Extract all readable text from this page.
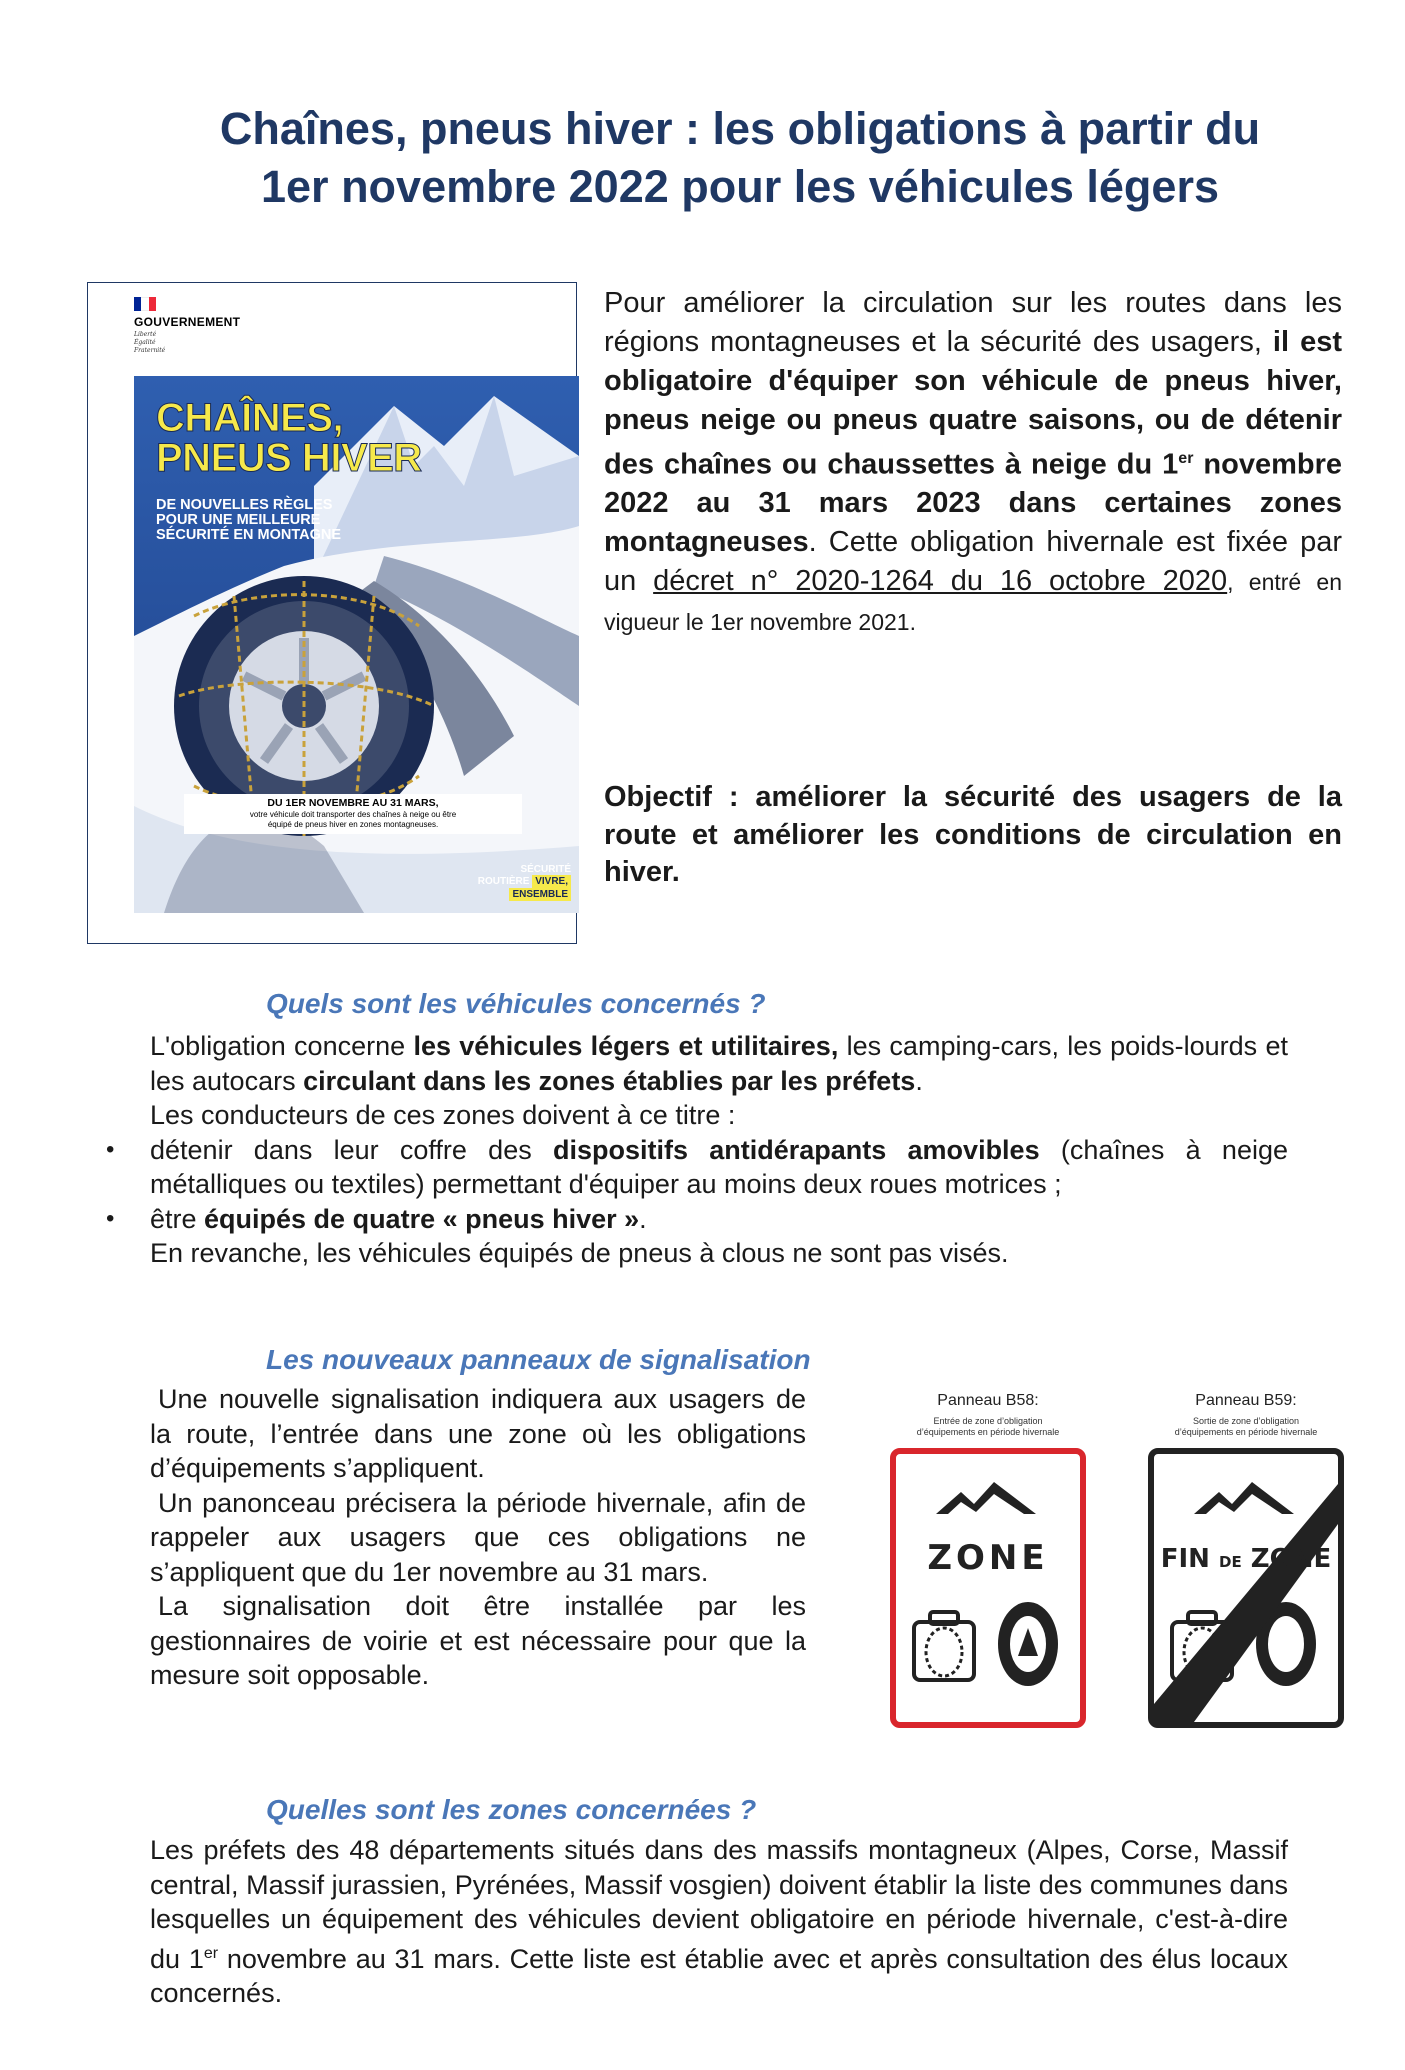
Chaînes, pneus hiver : les obligations à partir du
1er novembre 2022 pour les véhicules légers
GOUVERNEMENT
Liberté
Égalité
Fraternité
CHAÎNES,
PNEUS HIVER
DE NOUVELLES RÈGLES
POUR UNE MEILLEURE
SÉCURITÉ EN MONTAGNE
DU 1ER NOVEMBRE AU 31 MARS,
votre véhicule doit transporter des chaînes à neige ou être
équipé de pneus hiver en zones montagneuses.
SÉCURITÉ
ROUTIÈRE VIVRE,
ENSEMBLE

Pour améliorer la circulation sur les routes dans les régions montagneuses et la sécurité des usagers, il est obligatoire d'équiper son véhicule de pneus hiver, pneus neige ou pneus quatre saisons, ou de détenir des chaînes ou chaussettes à neige du 1er novembre 2022 au 31 mars 2023 dans certaines zones montagneuses. Cette obligation hivernale est fixée par un décret n° 2020-1264 du 16 octobre 2020, entré en vigueur le 1er novembre 2021.

Objectif : améliorer la sécurité des usagers de la route et améliorer les conditions de circulation en hiver.

Quels sont les véhicules concernés ?

L'obligation concerne les véhicules légers et utilitaires, les camping-cars, les poids-lourds et les autocars circulant dans les zones établies par les préfets.

Les conducteurs de ces zones doivent à ce titre :

• détenir dans leur coffre des dispositifs antidérapants amovibles (chaînes à neige métalliques ou textiles) permettant d'équiper au moins deux roues motrices ;
• être équipés de quatre « pneus hiver ».

En revanche, les véhicules équipés de pneus à clous ne sont pas visés.

Les nouveaux panneaux de signalisation

Une nouvelle signalisation indiquera aux usagers de la route, l’entrée dans une zone où les obligations d’équipements s’appliquent.

Un panonceau précisera la période hivernale, afin de rappeler aux usagers que ces obligations ne s’appliquent que du 1er novembre au 31 mars.

La signalisation doit être installée par les gestionnaires de voirie et est nécessaire pour que la mesure soit opposable.

Panneau B58:
Entrée de zone d’obligation
d’équipements en période hivernale
ZONE
Panneau B59:
Sortie de zone d’obligation
d’équipements en période hivernale
FIN DE ZONE
Quelles sont les zones concernées ?

Les préfets des 48 départements situés dans des massifs montagneux (Alpes, Corse, Massif central, Massif jurassien, Pyrénées, Massif vosgien) doivent établir la liste des communes dans lesquelles un équipement des véhicules devient obligatoire en période hivernale, c'est-à-dire du 1er novembre au 31 mars. Cette liste est établie avec et après consultation des élus locaux concernés.
